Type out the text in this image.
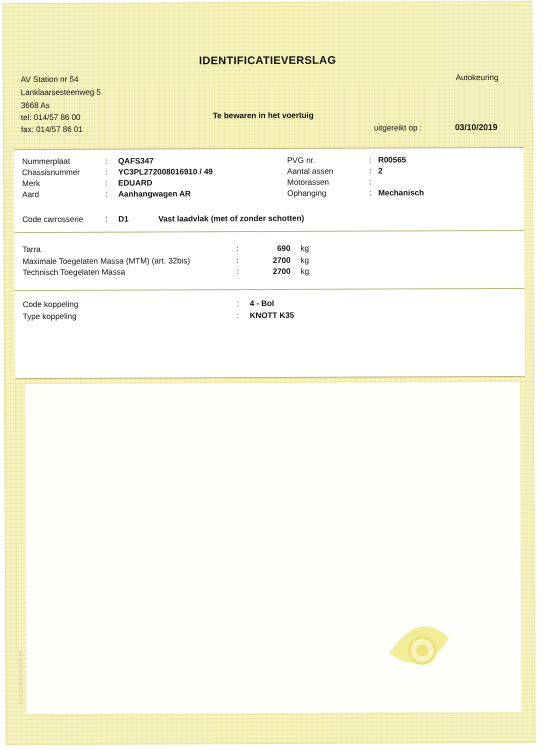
IDENTIFICATIEVERSLAG
AV Station nr 54
Lanklaarsesteenweg 5
3668 As
tel: 014/57 86 00
fax: 014/57 86 01
Autokeuring
Te bewaren in het voertuig
uitgereikt op :	03/10/2019
Nummerplaat	: QAFS347
Chassisnummer	: YC3PL272008016910 / 49
Merk	: EDUARD
Aard	: Aanhangwagen AR
PVG nr.	: R00565
Aantal assen	: 2
Motorassen	:
Ophanging	: Mechanisch
Code carrosserie	: D1	Vast laadvlak (met of zonder schotten)
Tarra	:	690 kg
Maximale Toegelaten Massa (MTM) (art. 32bis)	:	2700 kg
Technisch Toegelaten Massa	:	2700 kg
Code koppeling	: 4 - Bol
Type koppeling	: KNOTT K35
▯▯▯▯▯▯▯▯▯
